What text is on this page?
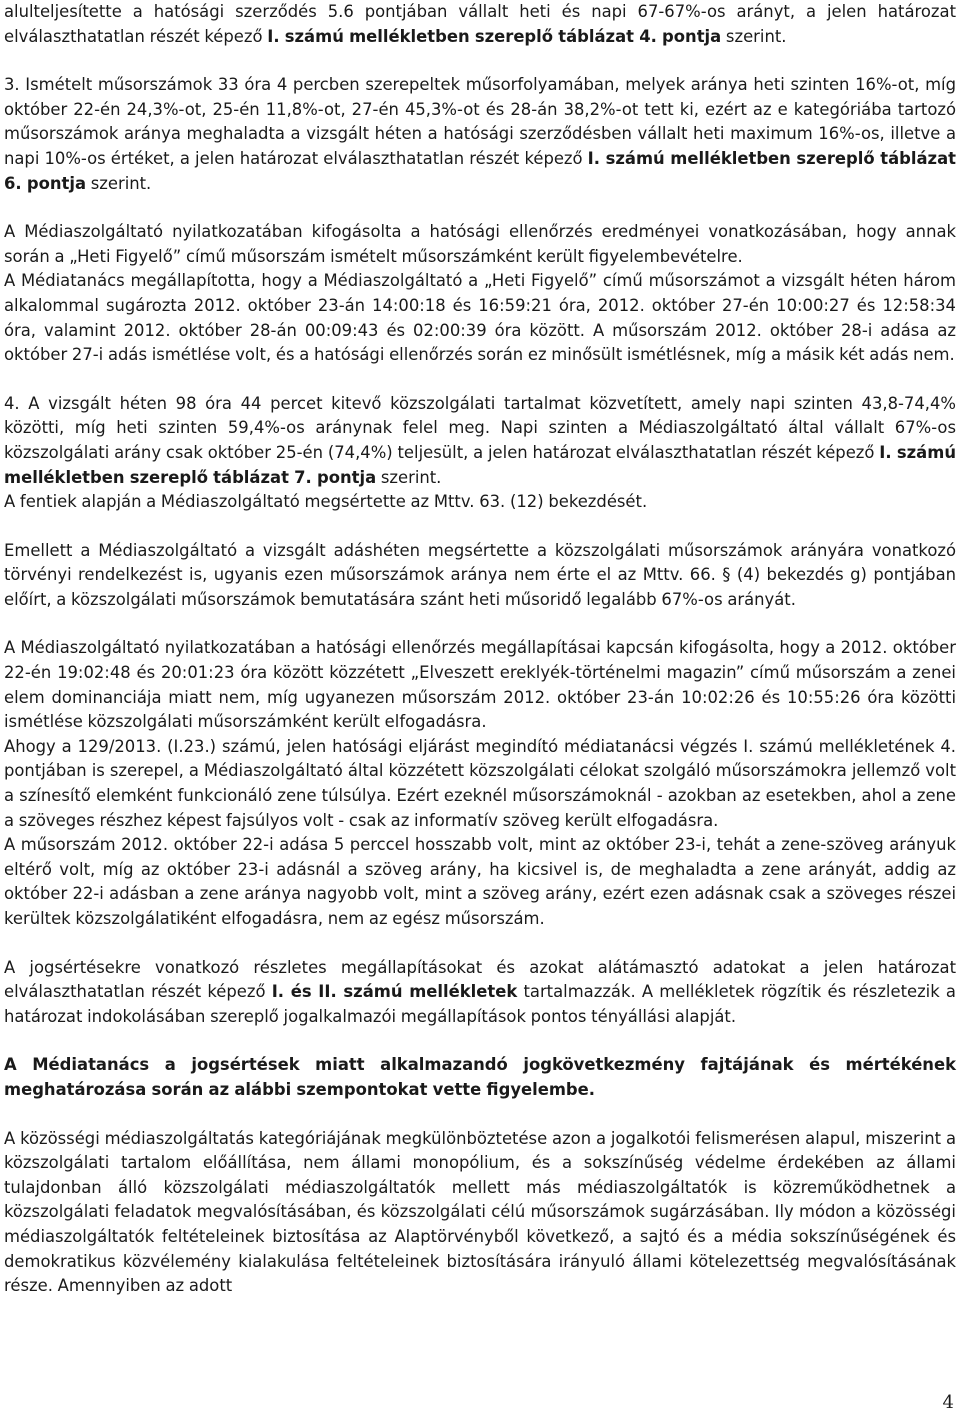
alulteljesítette a hatósági szerződés 5.6 pontjában vállalt heti és napi 67-67%-os arányt, a jelen határozat elválaszthatatlan részét képező I. számú mellékletben szereplő táblázat 4. pontja szerint.

3. Ismételt műsorszámok 33 óra 4 percben szerepeltek műsorfolyamában, melyek aránya heti szinten 16%-ot, míg október 22-én 24,3%-ot, 25-én 11,8%-ot, 27-én 45,3%-ot és 28-án 38,2%-ot tett ki, ezért az e kategóriába tartozó műsorszámok aránya meghaladta a vizsgált héten a hatósági szerződésben vállalt heti maximum 16%-os, illetve a napi 10%-os értéket, a jelen határozat elválaszthatatlan részét képező I. számú mellékletben szereplő táblázat 6. pontja szerint.

A Médiaszolgáltató nyilatkozatában kifogásolta a hatósági ellenőrzés eredményei vonatkozásában, hogy annak során a „Heti Figyelő” című műsorszám ismételt műsorszámként került figyelembevételre.

A Médiatanács megállapította, hogy a Médiaszolgáltató a „Heti Figyelő” című műsorszámot a vizsgált héten három alkalommal sugározta 2012. október 23-án 14:00:18 és 16:59:21 óra, 2012. október 27-én 10:00:27 és 12:58:34 óra, valamint 2012. október 28-án 00:09:43 és 02:00:39 óra között. A műsorszám 2012. október 28-i adása az október 27-i adás ismétlése volt, és a hatósági ellenőrzés során ez minősült ismétlésnek, míg a másik két adás nem.

4. A vizsgált héten 98 óra 44 percet kitevő közszolgálati tartalmat közvetített, amely napi szinten 43,8-74,4% közötti, míg heti szinten 59,4%-os aránynak felel meg. Napi szinten a Médiaszolgáltató által vállalt 67%-os közszolgálati arány csak október 25-én (74,4%) teljesült, a jelen határozat elválaszthatatlan részét képező I. számú mellékletben szereplő táblázat 7. pontja szerint.

A fentiek alapján a Médiaszolgáltató megsértette az Mttv. 63. (12) bekezdését.

Emellett a Médiaszolgáltató a vizsgált adáshéten megsértette a közszolgálati műsorszámok arányára vonatkozó törvényi rendelkezést is, ugyanis ezen műsorszámok aránya nem érte el az Mttv. 66. § (4) bekezdés g) pontjában előírt, a közszolgálati műsorszámok bemutatására szánt heti műsoridő legalább 67%-os arányát.

A Médiaszolgáltató nyilatkozatában a hatósági ellenőrzés megállapításai kapcsán kifogásolta, hogy a 2012. október 22-én 19:02:48 és 20:01:23 óra között közzétett „Elveszett ereklyék-történelmi magazin” című műsorszám a zenei elem dominanciája miatt nem, míg ugyanezen műsorszám 2012. október 23-án 10:02:26 és 10:55:26 óra közötti ismétlése közszolgálati műsorszámként került elfogadásra.

Ahogy a 129/2013. (I.23.) számú, jelen hatósági eljárást megindító médiatanácsi végzés I. számú mellékletének 4. pontjában is szerepel, a Médiaszolgáltató által közzétett közszolgálati célokat szolgáló műsorszámokra jellemző volt a színesítő elemként funkcionáló zene túlsúlya. Ezért ezeknél műsorszámoknál - azokban az esetekben, ahol a zene a szöveges részhez képest fajsúlyos volt - csak az informatív szöveg került elfogadásra.

A műsorszám 2012. október 22-i adása 5 perccel hosszabb volt, mint az október 23-i, tehát a zene-szöveg arányuk eltérő volt, míg az október 23-i adásnál a szöveg arány, ha kicsivel is, de meghaladta a zene arányát, addig az október 22-i adásban a zene aránya nagyobb volt, mint a szöveg arány, ezért ezen adásnak csak a szöveges részei kerültek közszolgálatiként elfogadásra, nem az egész műsorszám.

A jogsértésekre vonatkozó részletes megállapításokat és azokat alátámasztó adatokat a jelen határozat elválaszthatatlan részét képező I. és II. számú mellékletek tartalmazzák. A mellékletek rögzítik és részletezik a határozat indokolásában szereplő jogalkalmazói megállapítások pontos tényállási alapját.

A Médiatanács a jogsértések miatt alkalmazandó jogkövetkezmény fajtájának és mértékének meghatározása során az alábbi szempontokat vette figyelembe.

A közösségi médiaszolgáltatás kategóriájának megkülönböztetése azon a jogalkotói felismerésen alapul, miszerint a közszolgálati tartalom előállítása, nem állami monopólium, és a sokszínűség védelme érdekében az állami tulajdonban álló közszolgálati médiaszolgáltatók mellett más médiaszolgáltatók is közreműködhetnek a közszolgálati feladatok megvalósításában, és közszolgálati célú műsorszámok sugárzásában. Ily módon a közösségi médiaszolgáltatók feltételeinek biztosítása az Alaptörvényből következő, a sajtó és a média sokszínűségének és demokratikus közvélemény kialakulása feltételeinek biztosítására irányuló állami kötelezettség megvalósításának része. Amennyiben az adott

4
